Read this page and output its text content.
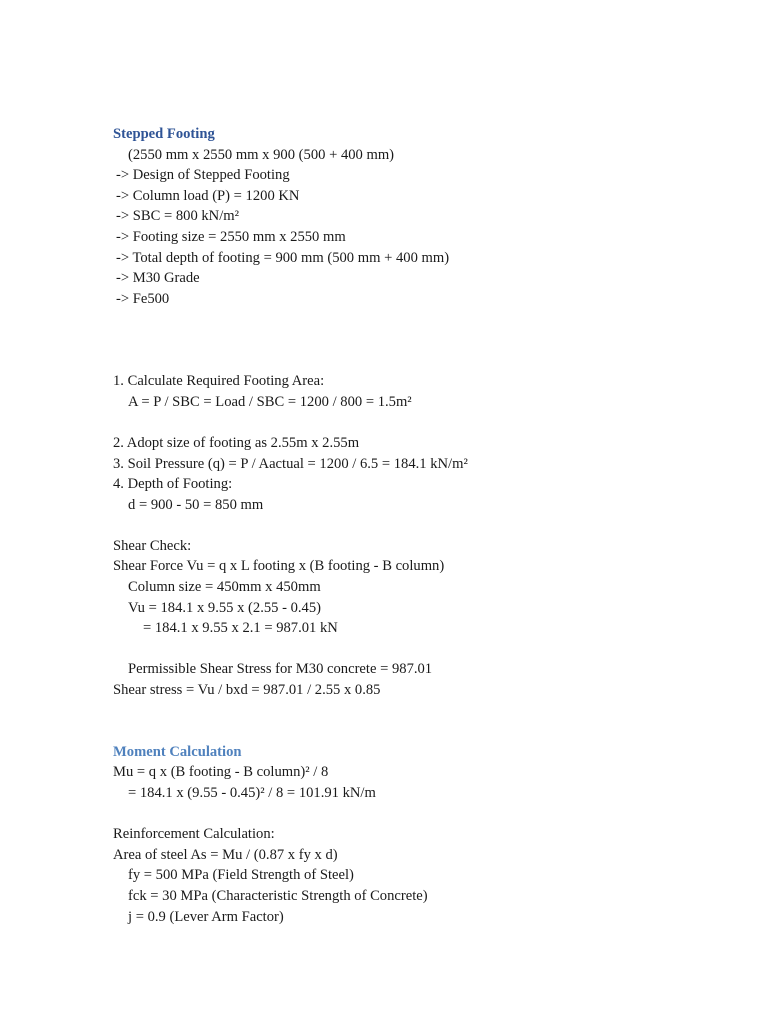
Stepped Footing
(2550 mm x 2550 mm x 900 (500 + 400 mm)
-> Design of Stepped Footing
-> Column load (P) = 1200 KN
-> SBC = 800 kN/m²
-> Footing size = 2550 mm x 2550 mm
-> Total depth of footing = 900 mm (500 mm + 400 mm)
-> M30 Grade
-> Fe500
1. Calculate Required Footing Area:
A = P / SBC = Load / SBC = 1200 / 800 = 1.5m²
2. Adopt size of footing as 2.55m x 2.55m
3. Soil Pressure (q) = P / Aactual = 1200 / 6.5 = 184.1 kN/m²
4. Depth of Footing:
d = 900 - 50 = 850 mm
Shear Check:
Shear Force Vu = q x L footing x (B footing - B column)
Column size = 450mm x 450mm
Vu = 184.1 x 9.55 x (2.55 - 0.45)
= 184.1 x 9.55 x 2.1 = 987.01 kN
Permissible Shear Stress for M30 concrete = 987.01
Shear stress = Vu / bxd = 987.01 / 2.55 x 0.85
Moment Calculation
Mu = q x (B footing - B column)² / 8
= 184.1 x (9.55 - 0.45)² / 8 = 101.91 kN/m
Reinforcement Calculation:
Area of steel As = Mu / (0.87 x fy x d)
fy = 500 MPa (Field Strength of Steel)
fck = 30 MPa (Characteristic Strength of Concrete)
j = 0.9 (Lever Arm Factor)
